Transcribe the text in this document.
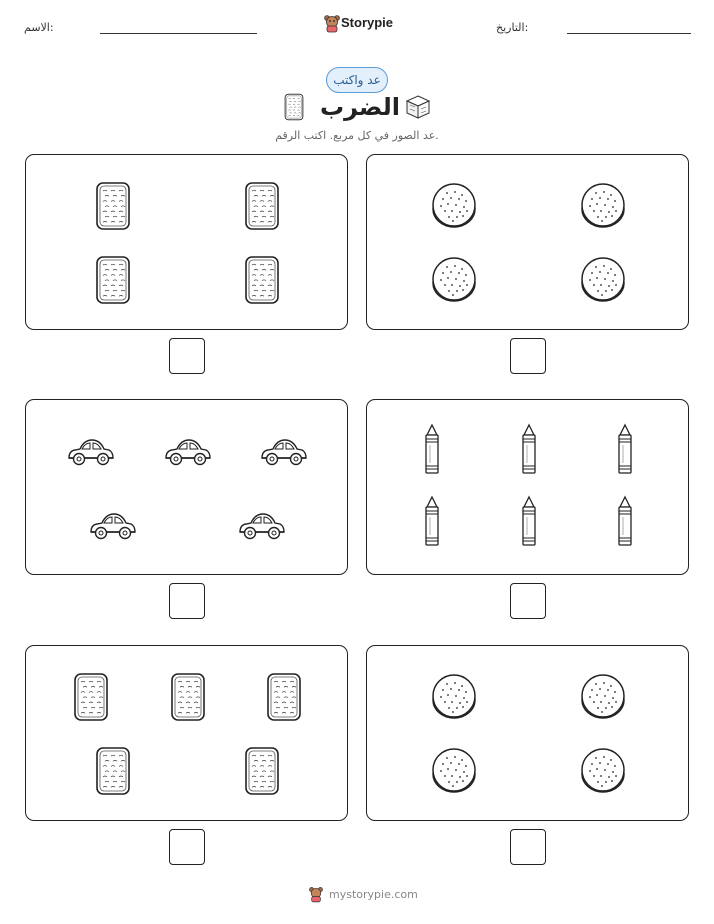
الاسم:	Storypie	التاريخ:
عد واكتب
الضرب
عد الصور في كل مربع. اكتب الرقم.
mystorypie.com
